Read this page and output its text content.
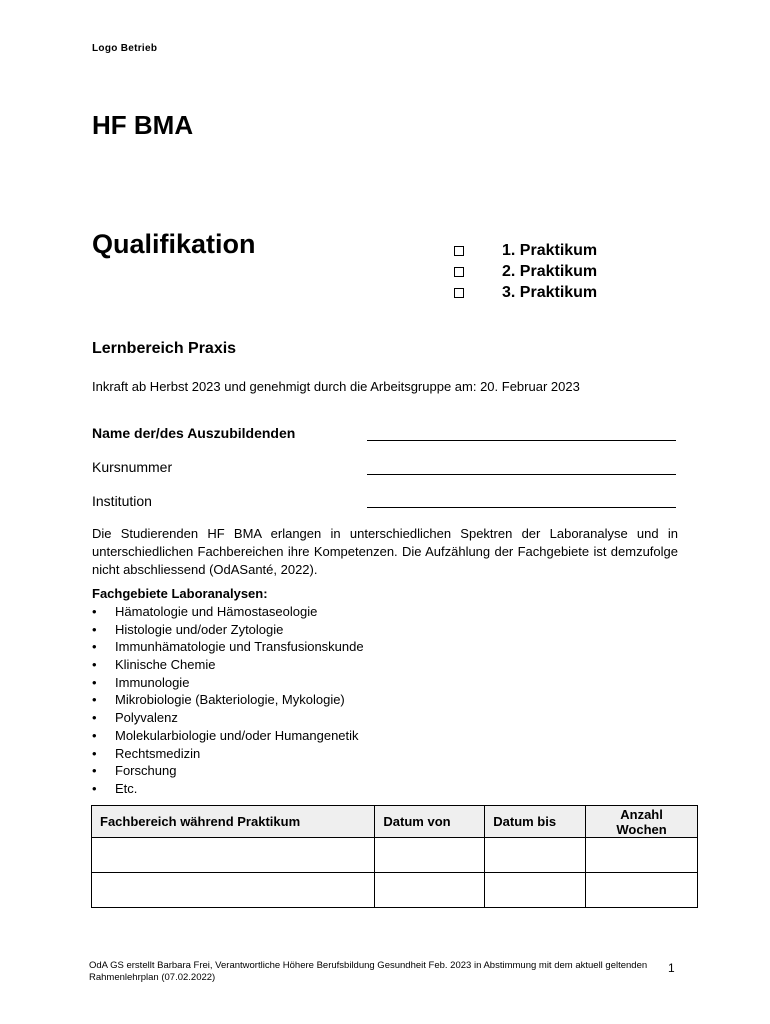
Logo Betrieb
HF BMA
Qualifikation	1. Praktikum
2. Praktikum
3. Praktikum
Lernbereich Praxis
Inkraft ab Herbst 2023 und genehmigt durch die Arbeitsgruppe am: 20. Februar 2023
Name der/des Auszubildenden
Kursnummer
Institution
Die Studierenden HF BMA erlangen in unterschiedlichen Spektren der Laboranalyse und in unterschiedlichen Fachbereichen ihre Kompetenzen. Die Aufzählung der Fachgebiete ist demzufolge nicht abschliessend (OdASanté, 2022).
Fachgebiete Laboranalysen:
•	Hämatologie und Hämostaseologie
•	Histologie und/oder Zytologie
•	Immunhämatologie und Transfusionskunde
•	Klinische Chemie
•	Immunologie
•	Mikrobiologie (Bakteriologie, Mykologie)
•	Polyvalenz
•	Molekularbiologie und/oder Humangenetik
•	Rechtsmedizin
•	Forschung
•	Etc.
Fachbereich während Praktikum	Datum von	Datum bis	Anzahl Wochen

OdA GS erstellt Barbara Frei, Verantwortliche Höhere Berufsbildung Gesundheit Feb. 2023 in Abstimmung mit dem aktuell geltenden Rahmenlehrplan (07.02.2022)
1
